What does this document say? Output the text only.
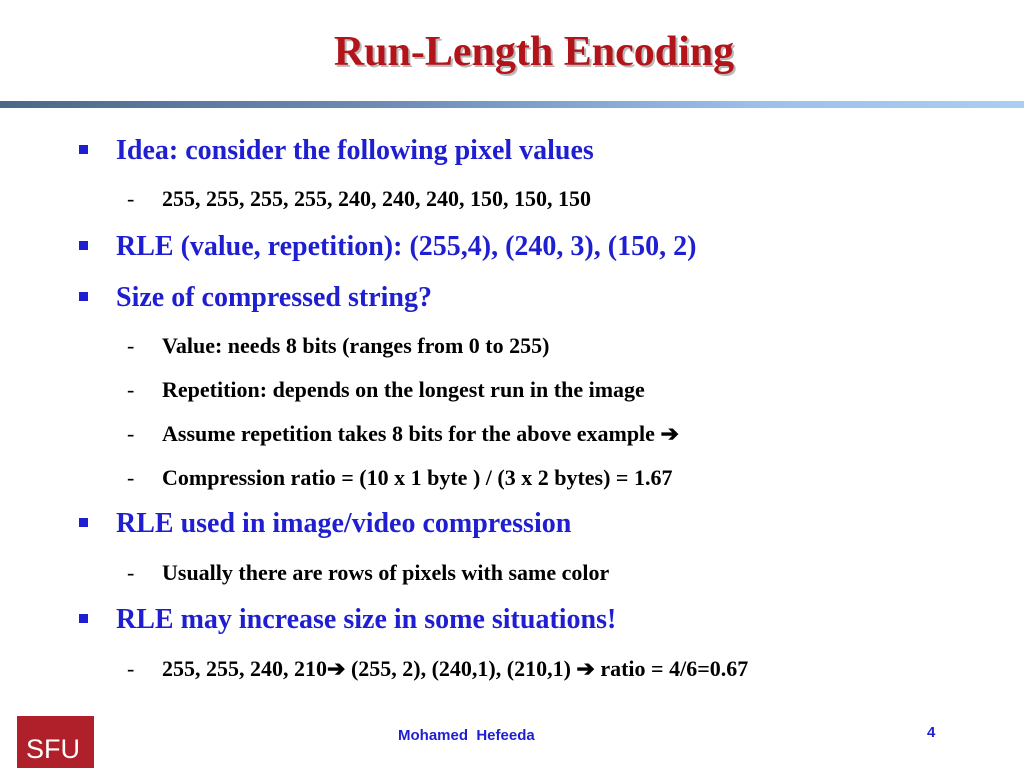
Run-Length Encoding
Idea: consider the following pixel values
- 255, 255, 255, 255, 240, 240, 240, 150, 150, 150
RLE (value, repetition): (255,4), (240, 3), (150, 2)
Size of compressed string?
- Value: needs 8 bits (ranges from 0 to 255)
- Repetition: depends on the longest run in the image
- Assume repetition takes 8 bits for the above example ➔
- Compression ratio = (10 x 1 byte ) / (3 x 2 bytes) = 1.67
RLE used in image/video compression
- Usually there are rows of pixels with same color
RLE may increase size in some situations!
- 255, 255, 240, 210➔ (255, 2), (240,1), (210,1) ➔ ratio = 4/6=0.67
SFU	Mohamed  Hefeeda	4
